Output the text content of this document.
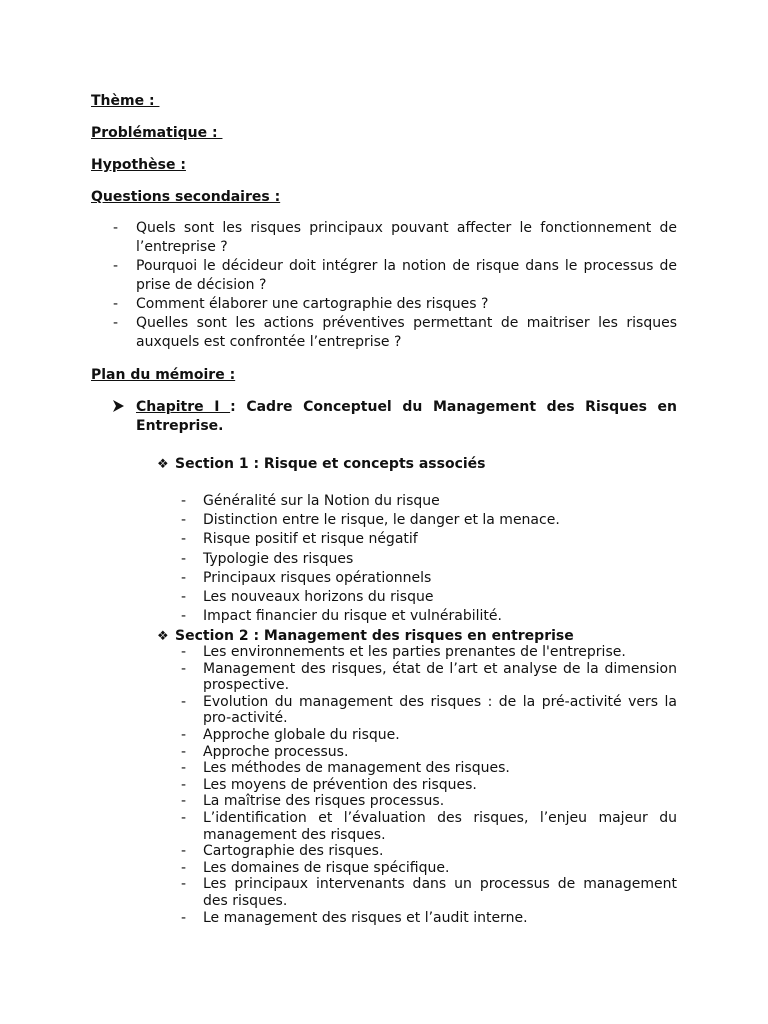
Thème :
Problématique :
Hypothèse :
Questions secondaires :

-	Quels sont les risques principaux pouvant affecter le fonctionnement de l’entreprise ?

-	Pourquoi le décideur doit intégrer la notion de risque dans le processus de prise de décision ?

-	Comment élaborer une cartographie des risques ?

-	Quelles sont les actions préventives permettant de maitriser les risques auxquels est confrontée l’entreprise ?

Plan du mémoire :
Chapitre I : Cadre Conceptuel du Management des Risques en Entreprise.
❖ Section 1 : Risque et concepts associés

-	Généralité sur la Notion du risque

-	Distinction entre le risque, le danger et la menace.

-	Risque positif et risque négatif

-	Typologie des risques

-	Principaux risques opérationnels

-	Les nouveaux horizons du risque

-	Impact financier du risque et vulnérabilité.

❖ Section 2 : Management des risques en entreprise

-	Les environnements et les parties prenantes de l'entreprise.

-	Management des risques, état de l’art et analyse de la dimension prospective.

-	Evolution du management des risques : de la pré-activité vers la pro-activité.

-	Approche globale du risque.

-	Approche processus.

-	Les méthodes de management des risques.

-	Les moyens de prévention des risques.

-	La maîtrise des risques processus.

-	L’identification et l’évaluation des risques, l’enjeu majeur du management des risques.

-	Cartographie des risques.

-	Les domaines de risque spécifique.

-	Les principaux intervenants dans un processus de management des risques.

-	Le management des risques et l’audit interne.
